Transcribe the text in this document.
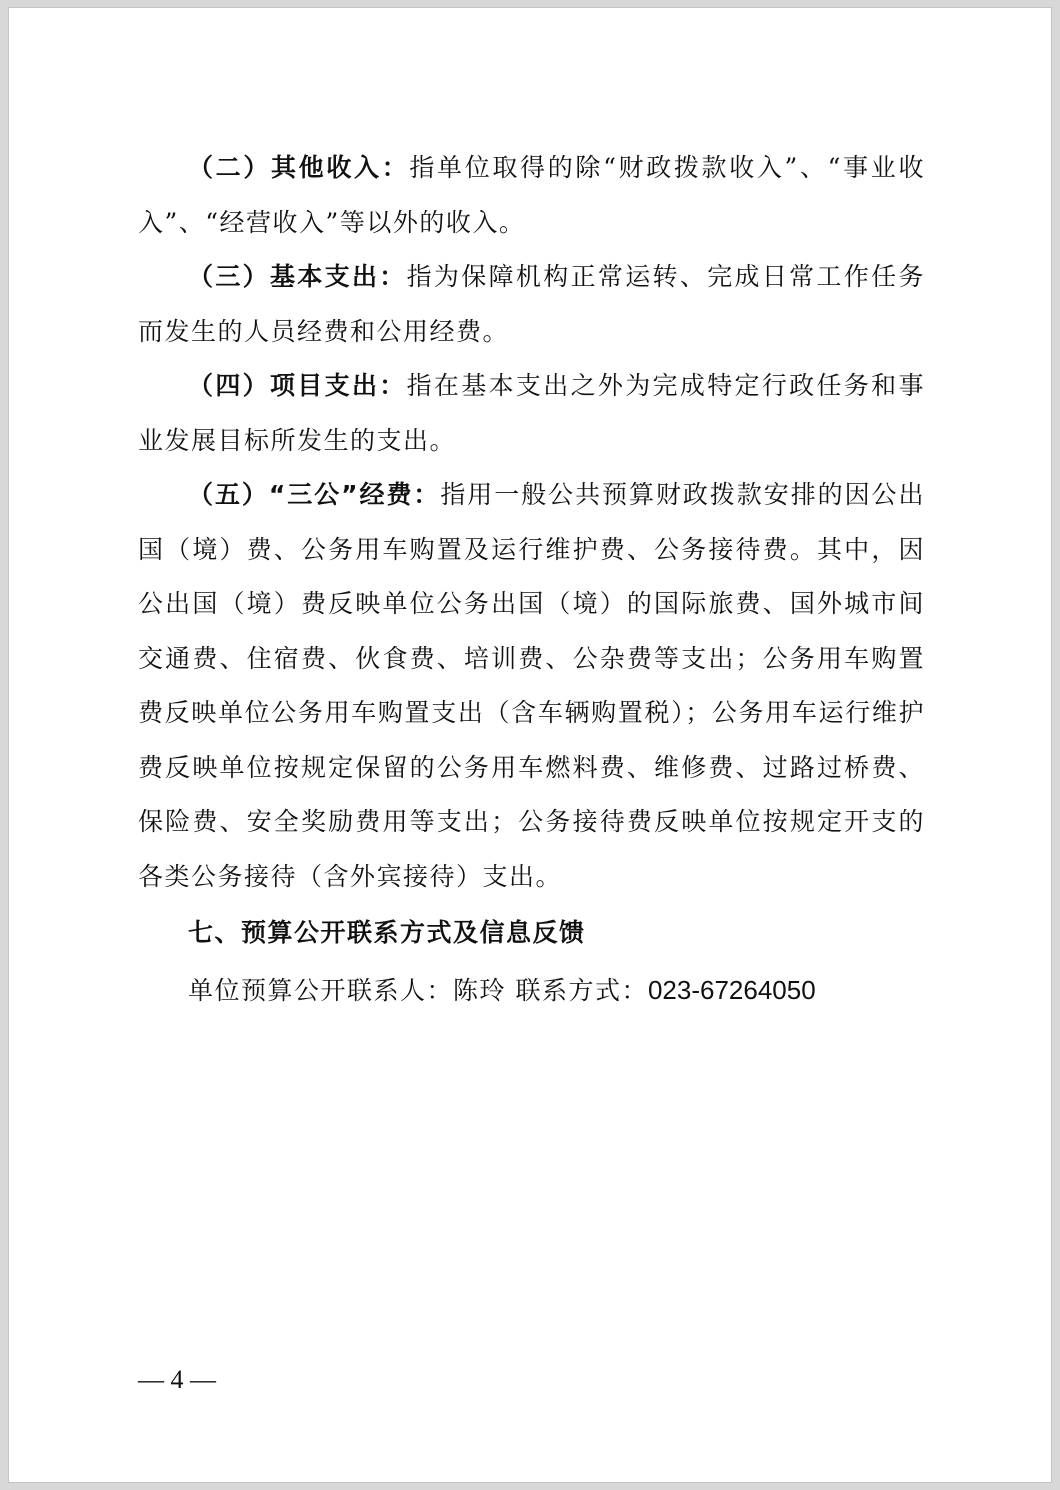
（二）其他收入：指单位取得的除“财政拨款收入”、“事业收入”、“经营收入”等以外的收入。

（三）基本支出：指为保障机构正常运转、完成日常工作任务而发生的人员经费和公用经费。

（四）项目支出：指在基本支出之外为完成特定行政任务和事业发展目标所发生的支出。

（五）“三公”经费：指用一般公共预算财政拨款安排的因公出国（境）费、公务用车购置及运行维护费、公务接待费。其中，因公出国（境）费反映单位公务出国（境）的国际旅费、国外城市间交通费、住宿费、伙食费、培训费、公杂费等支出；公务用车购置费反映单位公务用车购置支出（含车辆购置税）；公务用车运行维护费反映单位按规定保留的公务用车燃料费、维修费、过路过桥费、保险费、安全奖励费用等支出；公务接待费反映单位按规定开支的各类公务接待（含外宾接待）支出。

七、预算公开联系方式及信息反馈

单位预算公开联系人：陈玲 联系方式：023-67264050

— 4 —
